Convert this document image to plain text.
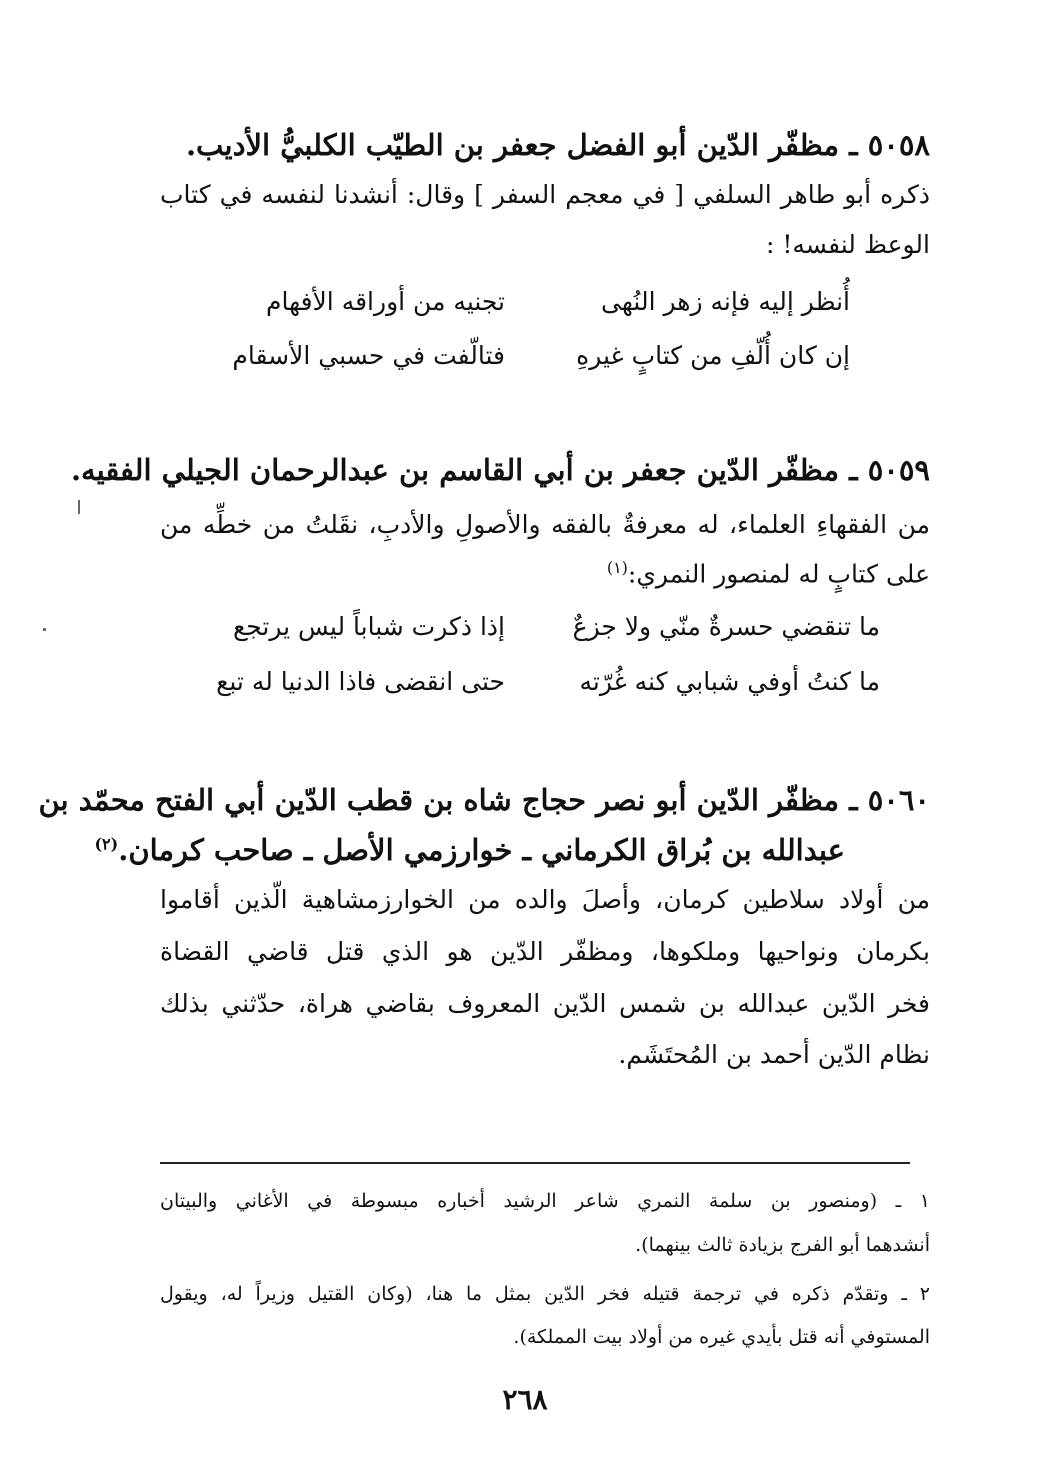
٥٠٥٨ ـ مظفّر الدّين أبو الفضل جعفر بن الطيّب الكلبيُّ الأديب.
ذكره أبو طاهر السلفي [ في معجم السفر ] وقال: أنشدنا لنفسه في كتاب
الوعظ لنفسه! :
أُنظر إليه فإنه زهر النُهى
تجنيه من أوراقه الأفهام
إن كان أُلّفِ من كتابٍ غيرهِ
فتالّفت في حسبي الأسقام
٥٠٥٩ ـ مظفّر الدّين جعفر بن أبي القاسم بن عبدالرحمان الجيلي الفقيه.
من الفقهاءِ العلماء، له معرفةٌ بالفقه والأصولِ والأدبِ، نقَلتُ من خطِّه من
على كتابٍ له لمنصور النمري:$^{(١)}$
ما تنقضي حسرةٌ منّي ولا جزعٌ
إذا ذكرت شباباً ليس يرتجع
ما كنتُ أوفي شبابي كنه غُرّته
حتى انقضى فاذا الدنيا له تبع
٥٠٦٠ ـ مظفّر الدّين أبو نصر حجاج شاه بن قطب الدّين أبي الفتح محمّد بن
عبدالله بن بُراق الكرماني ـ خوارزمي الأصل ـ صاحب كرمان.$^{(٢)}$
من أولاد سلاطين كرمان، وأصلَ والده من الخوارزمشاهية الّذين أقاموا
بكرمان ونواحيها وملكوها، ومظفّر الدّين هو الذي قتل قاضي القضاة
فخر الدّين عبدالله بن شمس الدّين المعروف بقاضي هراة، حدّثني بذلك
نظام الدّين أحمد بن المُحتَشَم.
١ ـ (ومنصور بن سلمة النمري شاعر الرشيد أخباره مبسوطة في الأغاني والبيتان
أنشدهما أبو الفرج بزيادة ثالث بينهما).
٢ ـ وتقدّم ذكره في ترجمة قتيله فخر الدّين بمثل ما هنا، (وكان القتيل وزيراً له، ويقول
المستوفي أنه قتل بأيدي غيره من أولاد بيت المملكة).
٢٦٨
